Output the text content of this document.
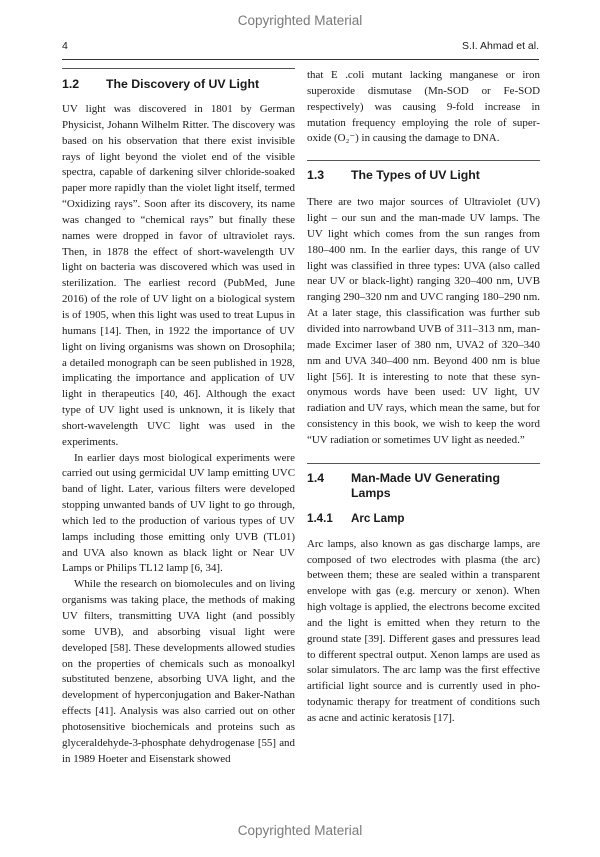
Copyrighted Material
4	S.I. Ahmad et al.
1.2	The Discovery of UV Light

UV light was discovered in 1801 by German Physicist, Johann Wilhelm Ritter. The discovery was based on his observation that there exist invisible rays of light beyond the violet end of the visible spectra, capable of darkening silver chloride-soaked paper more rapidly than the violet light itself, termed “Oxidizing rays”. Soon after its discovery, its name was changed to “chemical rays” but finally these names were dropped in favor of ultraviolet rays. Then, in 1878 the effect of short-wavelength UV light on bacteria was discovered which was used in sterilization. The earliest record (PubMed, June 2016) of the role of UV light on a biological system is of 1905, when this light was used to treat Lupus in humans [14]. Then, in 1922 the importance of UV light on living organisms was shown on Drosophila; a detailed monograph can be seen published in 1928, implicating the importance and application of UV light in therapeutics [40, 46]. Although the exact type of UV light used is unknown, it is likely that short-wavelength UVC light was used in the experiments.

In earlier days most biological experiments were carried out using germicidal UV lamp emitting UVC band of light. Later, various filters were developed stopping unwanted bands of UV light to go through, which led to the production of various types of UV lamps including those emitting only UVB (TL01) and UVA also known as black light or Near UV Lamps or Philips TL12 lamp [6, 34].

While the research on biomolecules and on living organisms was taking place, the methods of making UV filters, transmitting UVA light (and possibly some UVB), and absorbing visual light were developed [58]. These developments allowed studies on the properties of chemicals such as monoalkyl substituted benzene, absorbing UVA light, and the development of hyperconjugation and Baker-Nathan effects [41]. Analysis was also carried out on other photosensitive biochemicals and proteins such as glyceraldehyde-3-phosphate dehydrogenase [55] and in 1989 Hoeter and Eisenstark showed

that E .coli mutant lacking manganese or iron superoxide dismutase (Mn-SOD or Fe-SOD respectively) was causing 9-fold increase in mutation frequency employing the role of superoxide (O₂⁻) in causing the damage to DNA.

1.3	The Types of UV Light

There are two major sources of Ultraviolet (UV) light – our sun and the man-made UV lamps. The UV light which comes from the sun ranges from 180–400 nm. In the earlier days, this range of UV light was classified in three types: UVA (also called near UV or black-light) ranging 320–400 nm, UVB ranging 290–320 nm and UVC ranging 180–290 nm. At a later stage, this classification was further sub divided into narrowband UVB of 311–313 nm, man-made Excimer laser of 380 nm, UVA2 of 320–340 nm and UVA 340–400 nm. Beyond 400 nm is blue light [56]. It is interesting to note that these synonymous words have been used: UV light, UV radiation and UV rays, which mean the same, but for consistency in this book, we wish to keep the word “UV radiation or sometimes UV light as needed.”

1.4	Man-Made UV Generating Lamps
1.4.1	Arc Lamp

Arc lamps, also known as gas discharge lamps, are composed of two electrodes with plasma (the arc) between them; these are sealed within a transparent envelope with gas (e.g. mercury or xenon). When high voltage is applied, the electrons become excited and the light is emitted when they return to the ground state [39]. Different gases and pressures lead to different spectral output. Xenon lamps are used as solar simulators. The arc lamp was the first effective artificial light source and is currently used in photodynamic therapy for treatment of conditions such as acne and actinic keratosis [17].

Copyrighted Material
